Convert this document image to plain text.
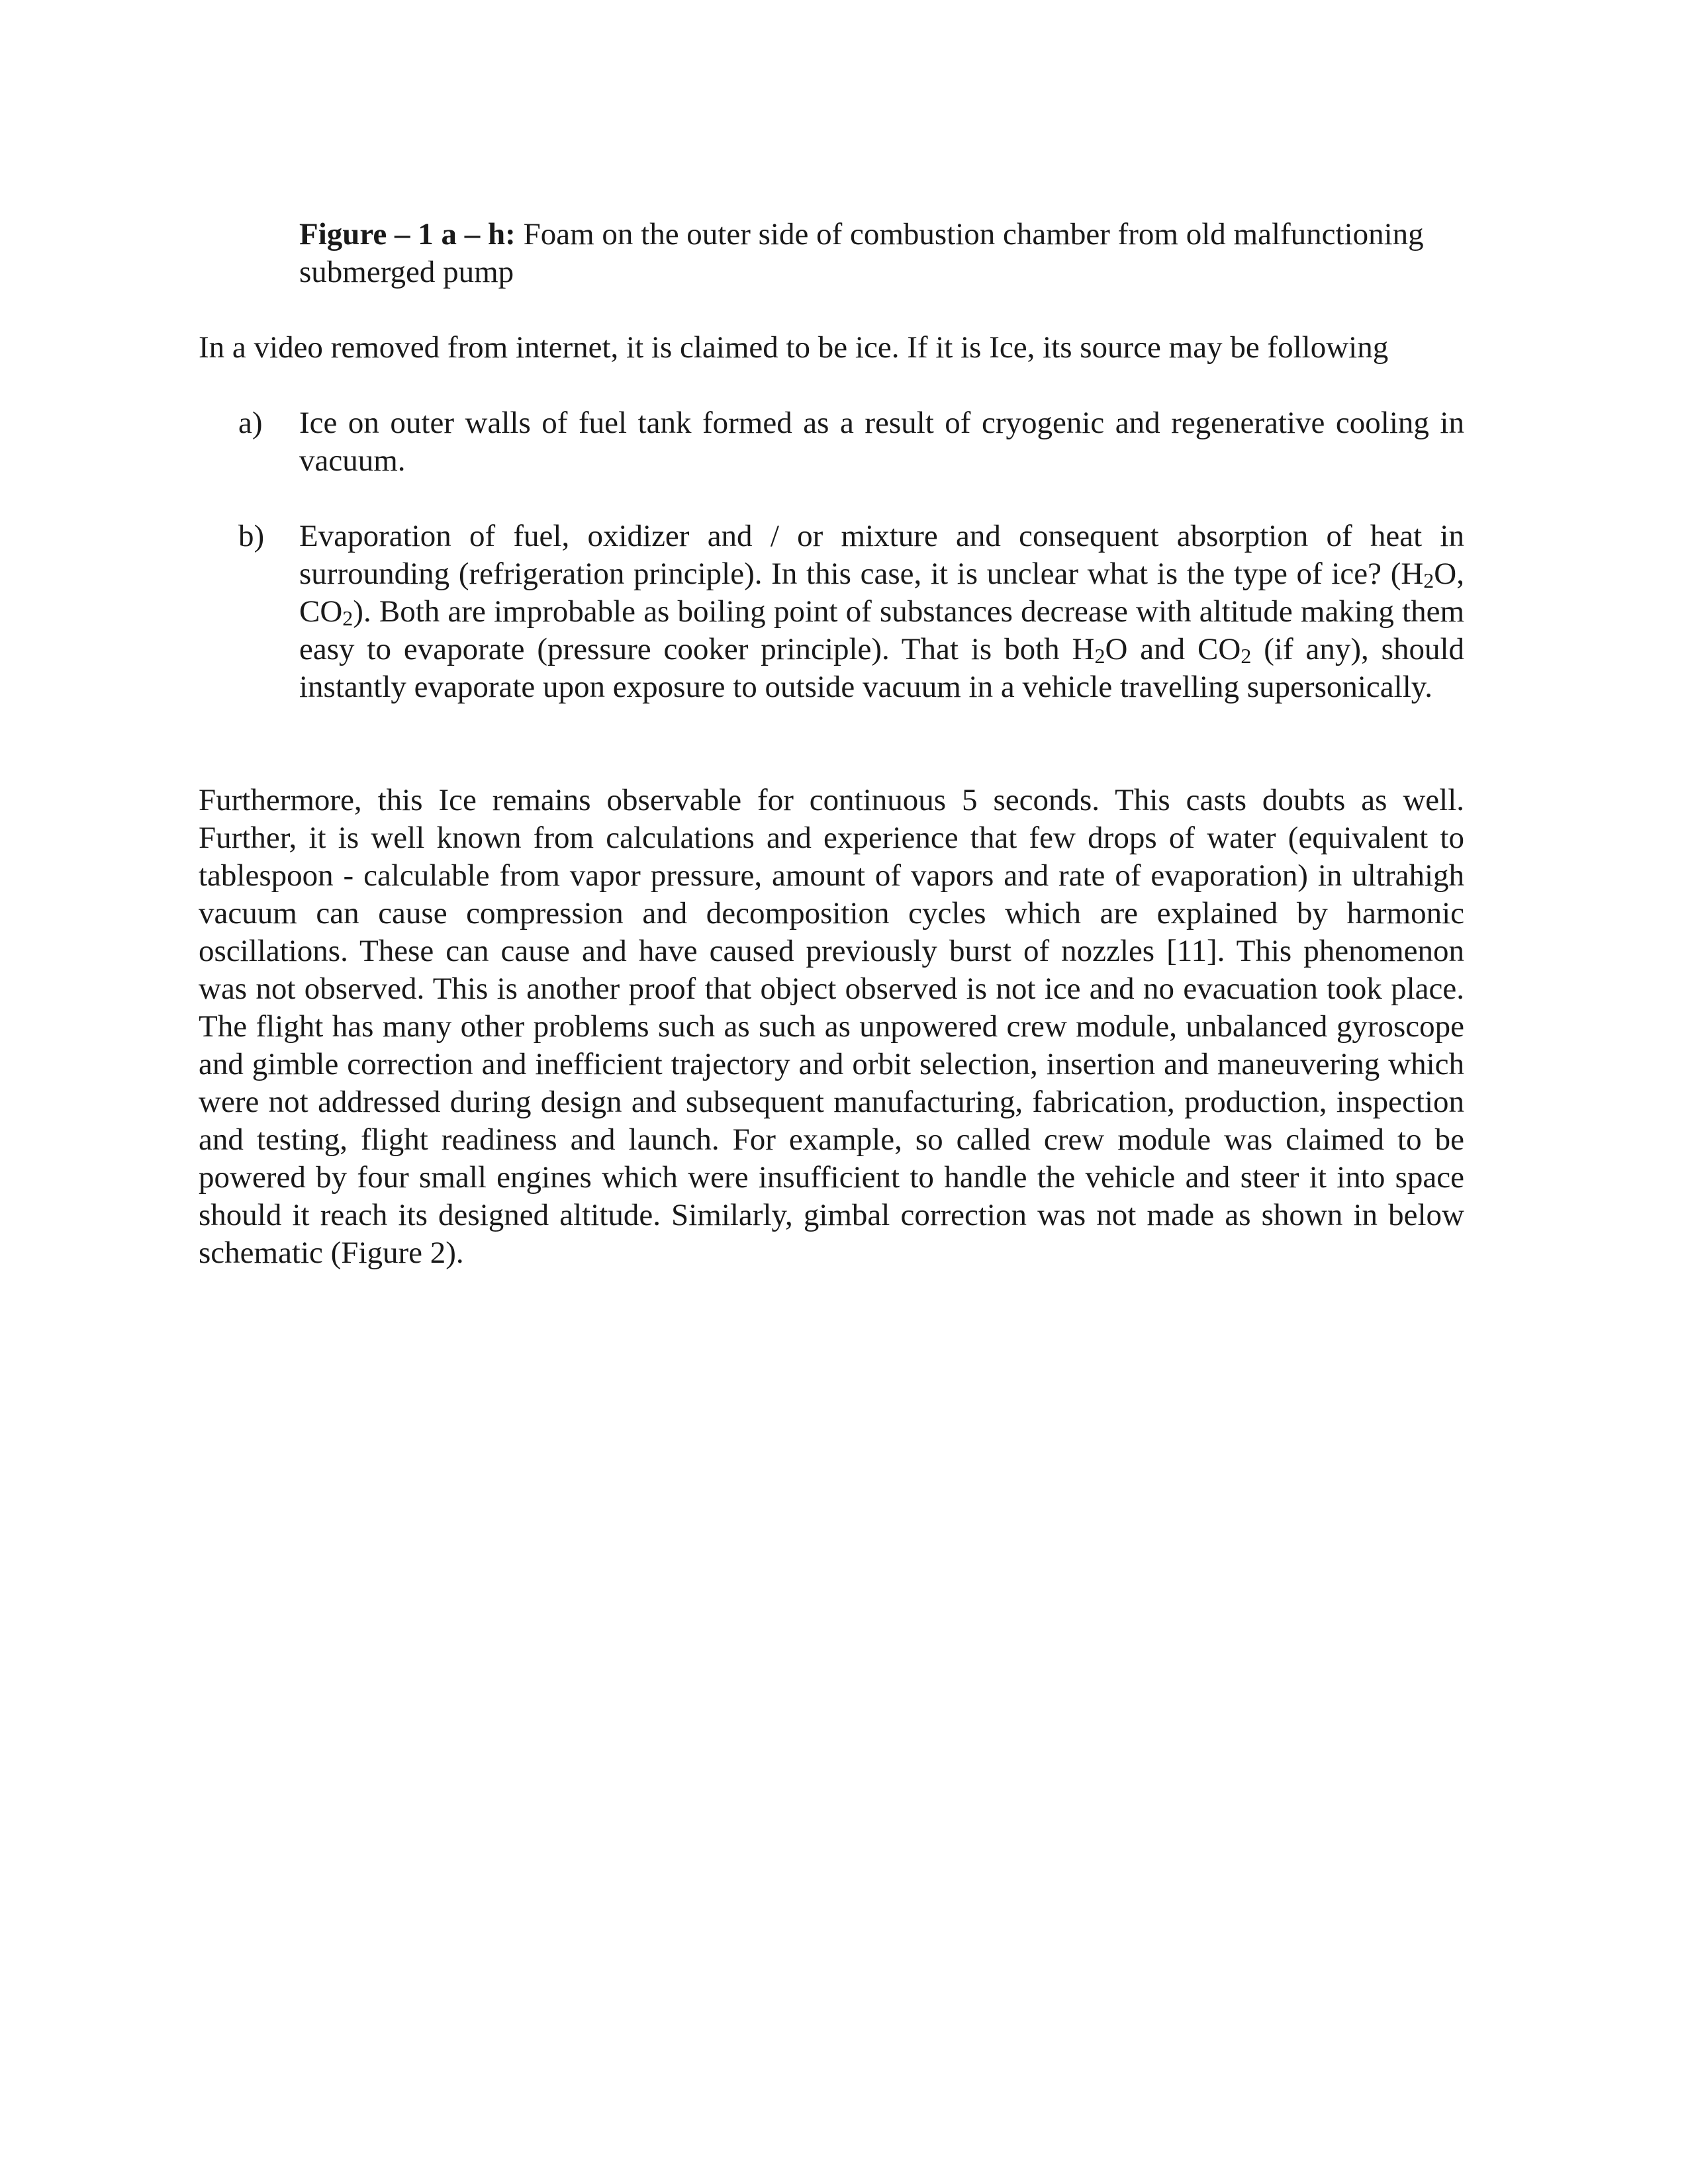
Figure – 1 a – h: Foam on the outer side of combustion chamber from old malfunctioning submerged pump

In a video removed from internet, it is claimed to be ice. If it is Ice, its source may be following

a)	Ice on outer walls of fuel tank formed as a result of cryogenic and regenerative cooling in vacuum.
b)	Evaporation of fuel, oxidizer and / or mixture and consequent absorption of heat in surrounding (refrigeration principle). In this case, it is unclear what is the type of ice? ($H_2O$, $CO_2$). Both are improbable as boiling point of substances decrease with altitude making them easy to evaporate (pressure cooker principle). That is both $H_2O$ and $CO_2$ (if any), should instantly evaporate upon exposure to outside vacuum in a vehicle travelling supersonically.

Furthermore, this Ice remains observable for continuous 5 seconds. This casts doubts as well. Further, it is well known from calculations and experience that few drops of water (equivalent to tablespoon - calculable from vapor pressure, amount of vapors and rate of evaporation) in ultrahigh vacuum can cause compression and decomposition cycles which are explained by harmonic oscillations. These can cause and have caused previously burst of nozzles [11]. This phenomenon was not observed. This is another proof that object observed is not ice and no evacuation took place. The flight has many other problems such as such as unpowered crew module, unbalanced gyroscope and gimble correction and inefficient trajectory and orbit selection, insertion and maneuvering which were not addressed during design and subsequent manufacturing, fabrication, production, inspection and testing, flight readiness and launch. For example, so called crew module was claimed to be powered by four small engines which were insufficient to handle the vehicle and steer it into space should it reach its designed altitude. Similarly, gimbal correction was not made as shown in below schematic (Figure 2).
